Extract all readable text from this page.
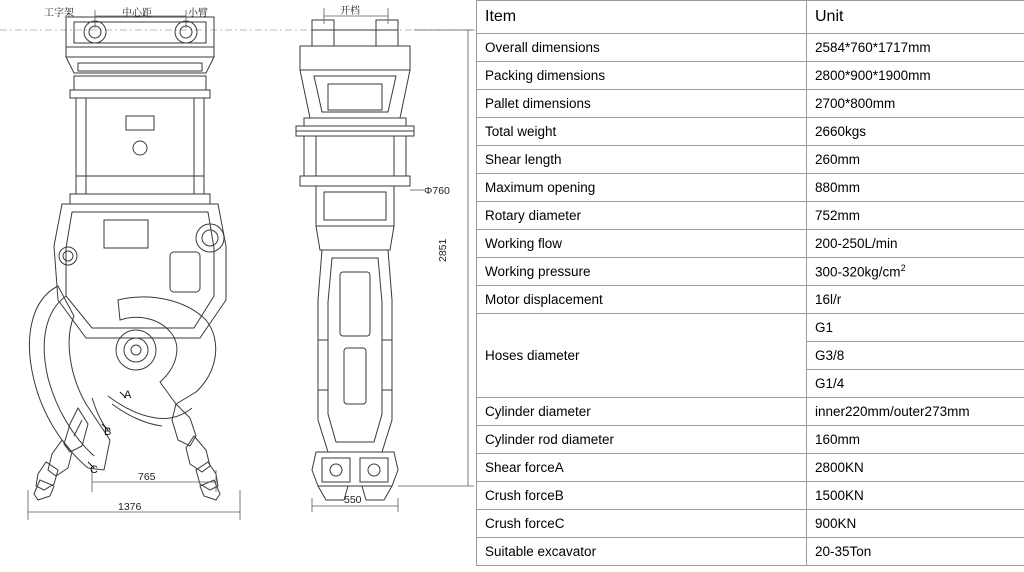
工字架	中心距	小臂	开档
Φ760
2851
765
1376
550
A
B
C
Item	Unit
Overall dimensions	2584*760*1717mm
Packing dimensions	2800*900*1900mm
Pallet dimensions	2700*800mm
Total weight	2660kgs
Shear length	260mm
Maximum opening	880mm
Rotary diameter	752mm
Working flow	200-250L/min
Working pressure	$300-320kg/cm^2$
Motor displacement	16l/r
Hoses diameter	G1
	G3/8
	G1/4
Cylinder diameter	inner220mm/outer273mm
Cylinder rod diameter	160mm
Shear forceA	2800KN
Crush forceB	1500KN
Crush forceC	900KN
Suitable excavator	20-35Ton
